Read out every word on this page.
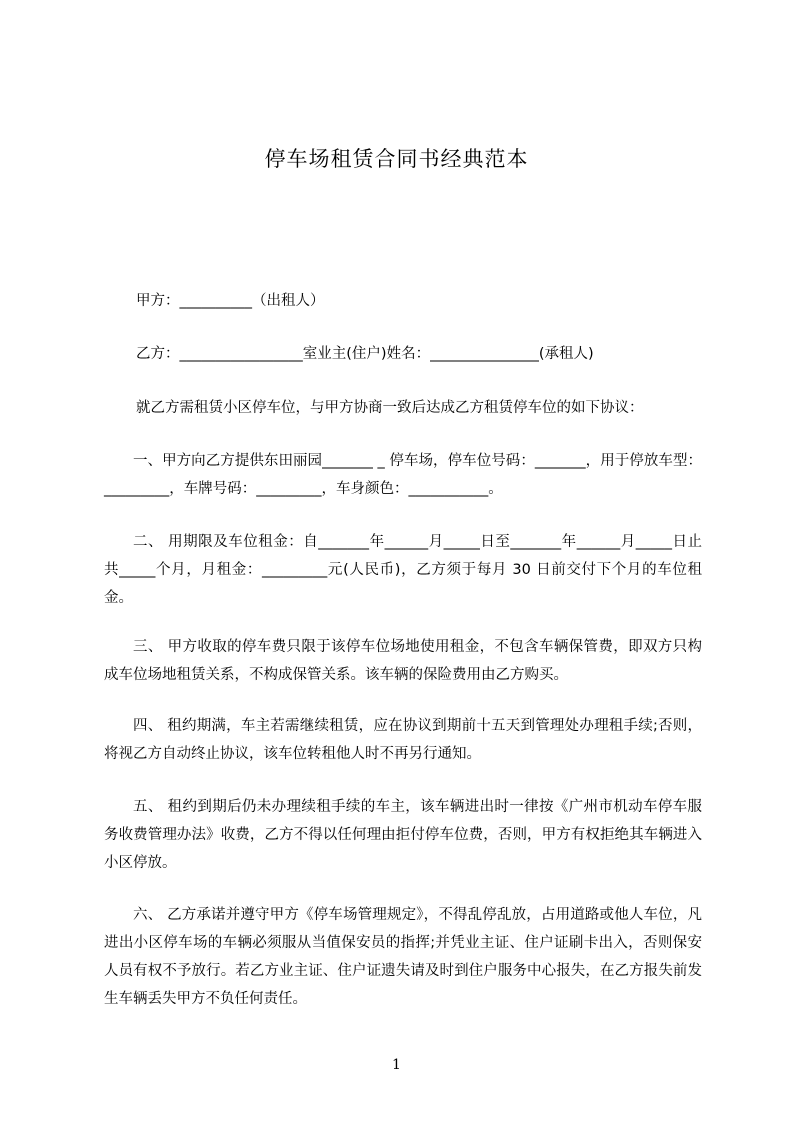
停车场租赁合同书经典范本
甲方：__________（出租人）
乙方：_________________室业主(住户)姓名：_______________(承租人)
就乙方需租赁小区停车位，与甲方协商一致后达成乙方租赁停车位的如下协议：
一、甲方向乙方提供东田丽园_______ _ 停车场，停车位号码：_______，用于停放车型：_________，车牌号码：_________，车身颜色：___________。
二、 用期限及车位租金：自_______年______月_____日至_______年______月_____日止共_____个月，月租金：_________元(人民币)，乙方须于每月 30 日前交付下个月的车位租金。
三、 甲方收取的停车费只限于该停车位场地使用租金，不包含车辆保管费，即双方只构成车位场地租赁关系，不构成保管关系。该车辆的保险费用由乙方购买。
四、 租约期满，车主若需继续租赁，应在协议到期前十五天到管理处办理租手续;否则，将视乙方自动终止协议，该车位转租他人时不再另行通知。
五、 租约到期后仍未办理续租手续的车主，该车辆进出时一律按《广州市机动车停车服务收费管理办法》收费，乙方不得以任何理由拒付停车位费，否则，甲方有权拒绝其车辆进入小区停放。
六、 乙方承诺并遵守甲方《停车场管理规定》，不得乱停乱放，占用道路或他人车位，凡进出小区停车场的车辆必须服从当值保安员的指挥;并凭业主证、住户证刷卡出入，否则保安人员有权不予放行。若乙方业主证、住户证遗失请及时到住户服务中心报失，在乙方报失前发生车辆丢失甲方不负任何责任。
1
